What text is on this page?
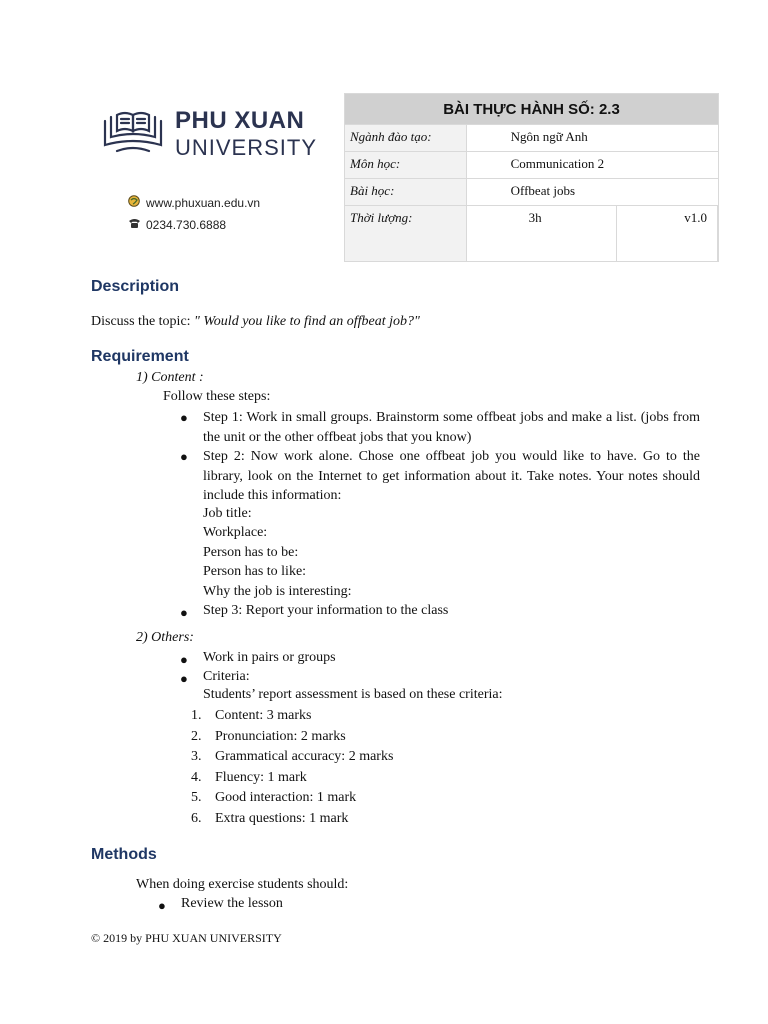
PHU XUAN
UNIVERSITY
www.phuxuan.edu.vn
0234.730.6888
BÀI THỰC HÀNH SỐ: 2.3			
Ngành đào tạo:	Ngôn ngữ Anh		
Môn học:	Communication 2		
Bài học:	Offbeat jobs		
Thời lượng:	3h	v1.0	
Description
Discuss the topic: " Would you like to find an offbeat job?"
Requirement
1) Content :
Follow these steps:
● Step 1: Work in small groups. Brainstorm some offbeat jobs and make a list. (jobs from the unit or the other offbeat jobs that you know)
● Step 2: Now work alone. Chose one offbeat job you would like to have. Go to the library, look on the Internet to get information about it. Take notes. Your notes should include this information:
Job title:
Workplace:
Person has to be:
Person has to like:
Why the job is interesting:
● Step 3: Report your information to the class
2) Others:
● Work in pairs or groups
● Criteria:
Students’ report assessment is based on these criteria:
1. Content: 3 marks
2. Pronunciation: 2 marks
3. Grammatical accuracy: 2 marks
4. Fluency: 1 mark
5. Good interaction: 1 mark
6. Extra questions: 1 mark
Methods
When doing exercise students should:
● Review the lesson
© 2019 by PHU XUAN UNIVERSITY
